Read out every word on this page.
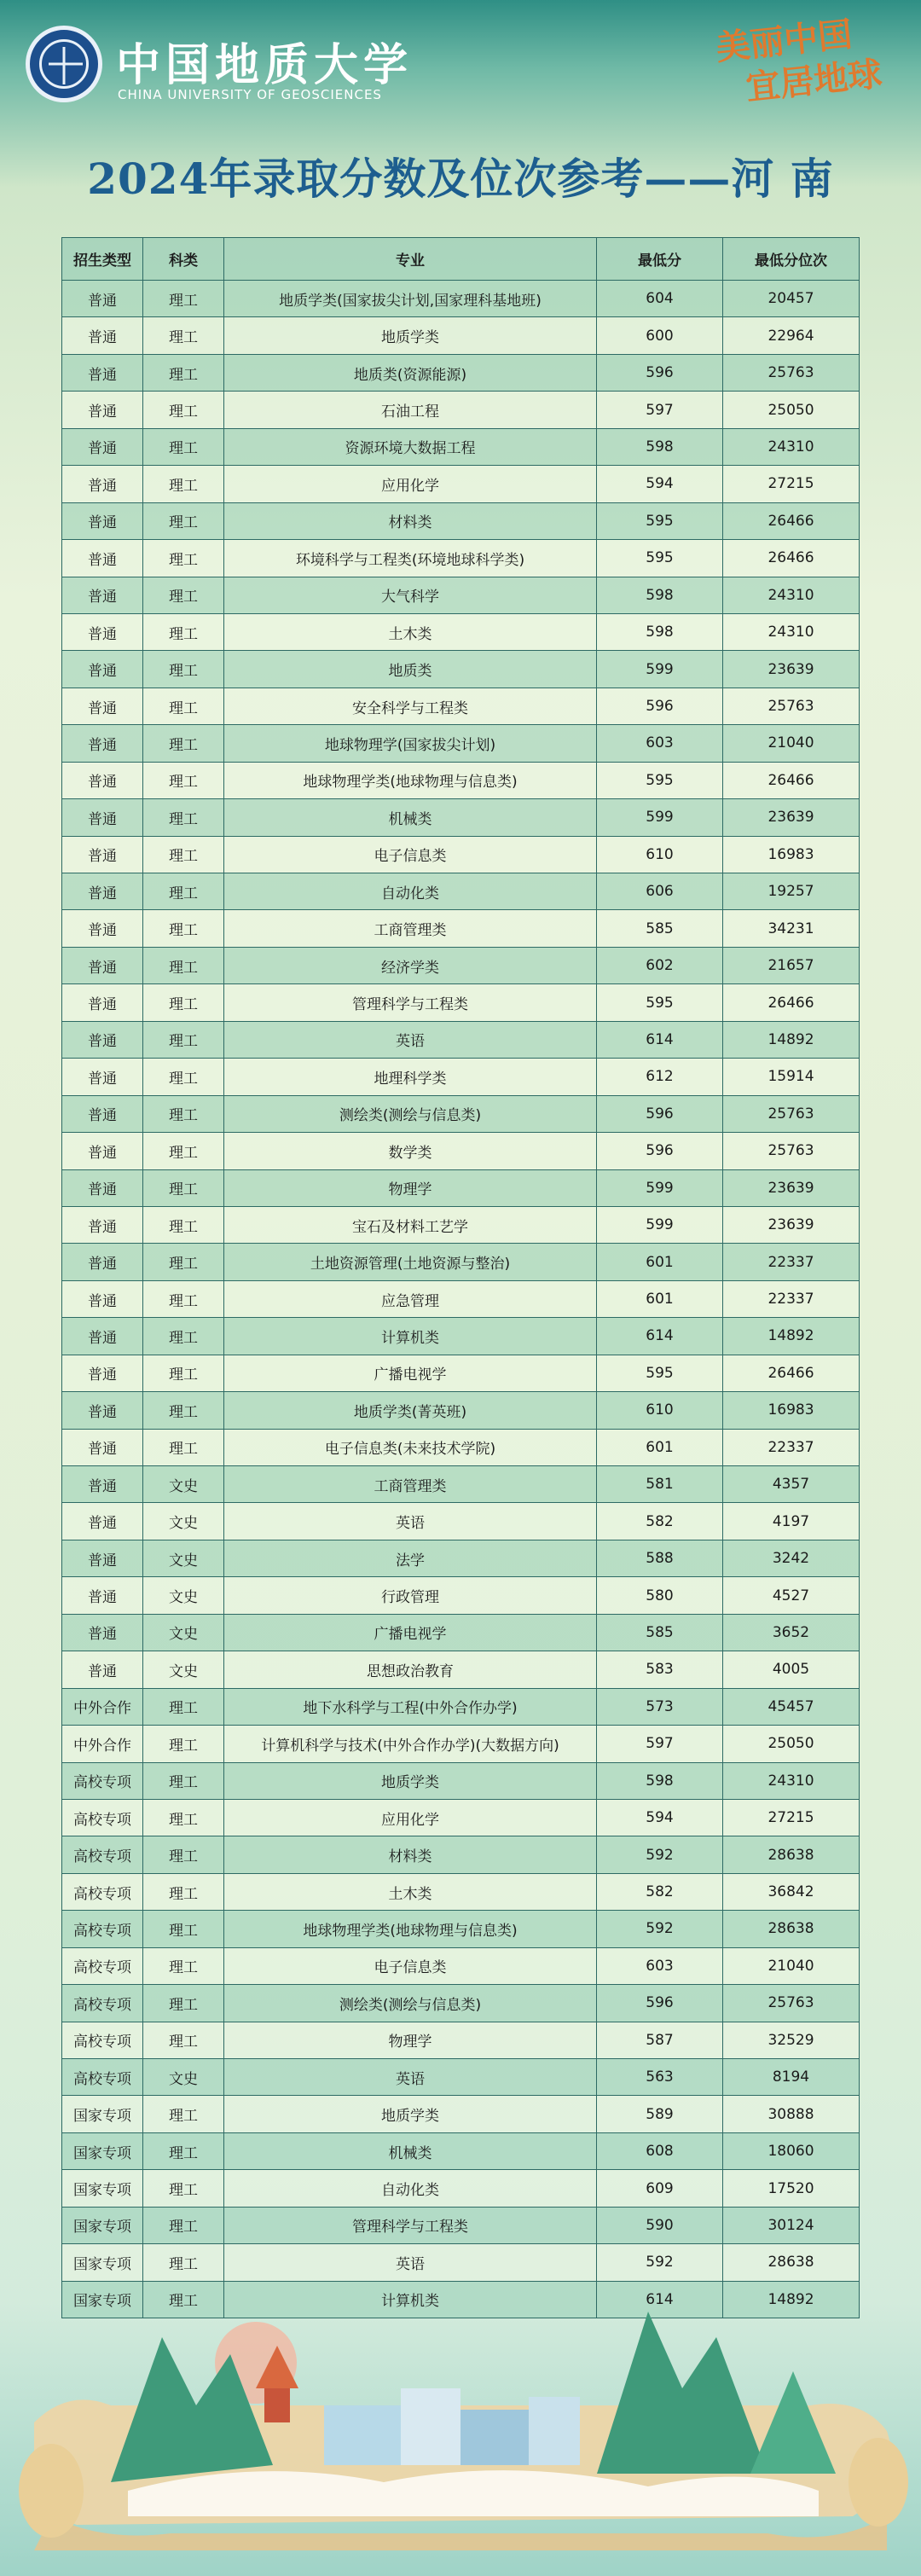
中国地质大学
CHINA UNIVERSITY OF GEOSCIENCES
美丽中国
宜居地球
2024年录取分数及位次参考——河 南
招生类型	科类	专业	最低分	最低分位次
普通	理工	地质学类(国家拔尖计划,国家理科基地班)	604	20457
普通	理工	地质学类	600	22964
普通	理工	地质类(资源能源)	596	25763
普通	理工	石油工程	597	25050
普通	理工	资源环境大数据工程	598	24310
普通	理工	应用化学	594	27215
普通	理工	材料类	595	26466
普通	理工	环境科学与工程类(环境地球科学类)	595	26466
普通	理工	大气科学	598	24310
普通	理工	土木类	598	24310
普通	理工	地质类	599	23639
普通	理工	安全科学与工程类	596	25763
普通	理工	地球物理学(国家拔尖计划)	603	21040
普通	理工	地球物理学类(地球物理与信息类)	595	26466
普通	理工	机械类	599	23639
普通	理工	电子信息类	610	16983
普通	理工	自动化类	606	19257
普通	理工	工商管理类	585	34231
普通	理工	经济学类	602	21657
普通	理工	管理科学与工程类	595	26466
普通	理工	英语	614	14892
普通	理工	地理科学类	612	15914
普通	理工	测绘类(测绘与信息类)	596	25763
普通	理工	数学类	596	25763
普通	理工	物理学	599	23639
普通	理工	宝石及材料工艺学	599	23639
普通	理工	土地资源管理(土地资源与整治)	601	22337
普通	理工	应急管理	601	22337
普通	理工	计算机类	614	14892
普通	理工	广播电视学	595	26466
普通	理工	地质学类(菁英班)	610	16983
普通	理工	电子信息类(未来技术学院)	601	22337
普通	文史	工商管理类	581	4357
普通	文史	英语	582	4197
普通	文史	法学	588	3242
普通	文史	行政管理	580	4527
普通	文史	广播电视学	585	3652
普通	文史	思想政治教育	583	4005
中外合作	理工	地下水科学与工程(中外合作办学)	573	45457
中外合作	理工	计算机科学与技术(中外合作办学)(大数据方向)	597	25050
高校专项	理工	地质学类	598	24310
高校专项	理工	应用化学	594	27215
高校专项	理工	材料类	592	28638
高校专项	理工	土木类	582	36842
高校专项	理工	地球物理学类(地球物理与信息类)	592	28638
高校专项	理工	电子信息类	603	21040
高校专项	理工	测绘类(测绘与信息类)	596	25763
高校专项	理工	物理学	587	32529
高校专项	文史	英语	563	8194
国家专项	理工	地质学类	589	30888
国家专项	理工	机械类	608	18060
国家专项	理工	自动化类	609	17520
国家专项	理工	管理科学与工程类	590	30124
国家专项	理工	英语	592	28638
国家专项	理工	计算机类	614	14892
